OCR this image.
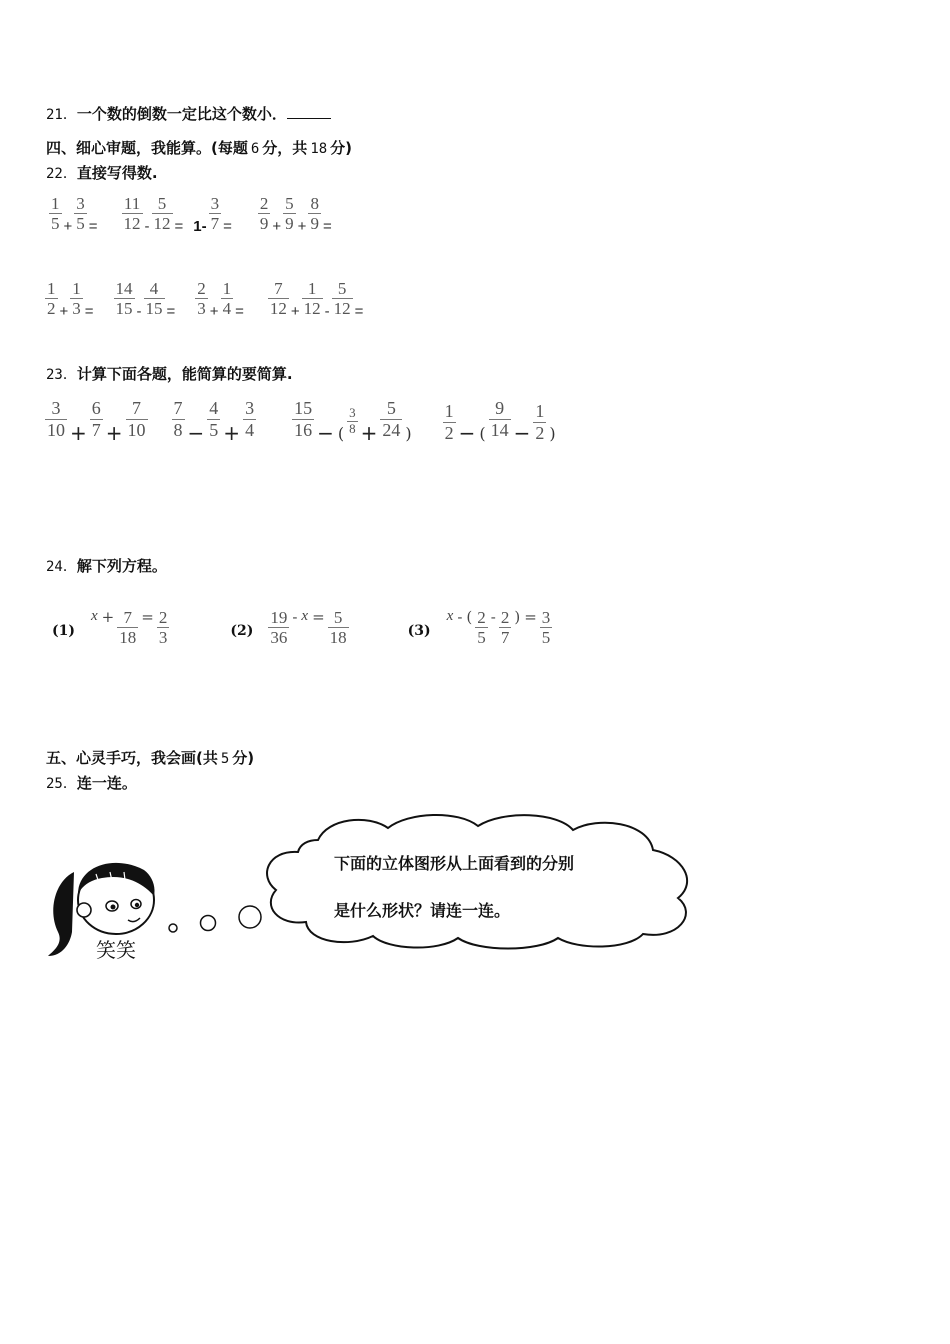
21．一个数的倒数一定比这个数小．
四、细心审题，我能算。(每题 6 分，共 18 分)
22．直接写得数.
$\frac{1}{5} + \frac{3}{5} = \frac{11}{12} - \frac{5}{12} = 1- \frac{3}{7} = \frac{2}{9} + \frac{5}{9} + \frac{8}{9}$ =
$\frac{1}{2} + \frac{1}{3} = \frac{14}{15} - \frac{4}{15} = \frac{2}{3} + \frac{1}{4} = \frac{7}{12} + \frac{1}{12} - \frac{5}{12}$ =
23．计算下面各题，能简算的要简算.
$\frac{3}{10} + \frac{6}{7} + \frac{7}{10} \frac{7}{8} - \frac{4}{5} + \frac{3}{4} \frac{15}{16}$ − ( $\frac{3}{8} + \frac{5}{24}$ ) $\frac{1}{2}$ − ( $\frac{9}{14} - \frac{1}{2}$ )
24．解下列方程。
(1)
$x + \frac{7}{18} = \frac{2}{3}$	$(2) \frac{19}{36} - x = \frac{5}{18}$	(3)
x - ( $\frac{2}{5} - \frac{2}{7}$ ) = $\frac{3}{5}$
五、心灵手巧，我会画(共 5 分)
25．连一连。
笑笑
下面的立体图形从上面看到的分别
是什么形状？请连一连。
